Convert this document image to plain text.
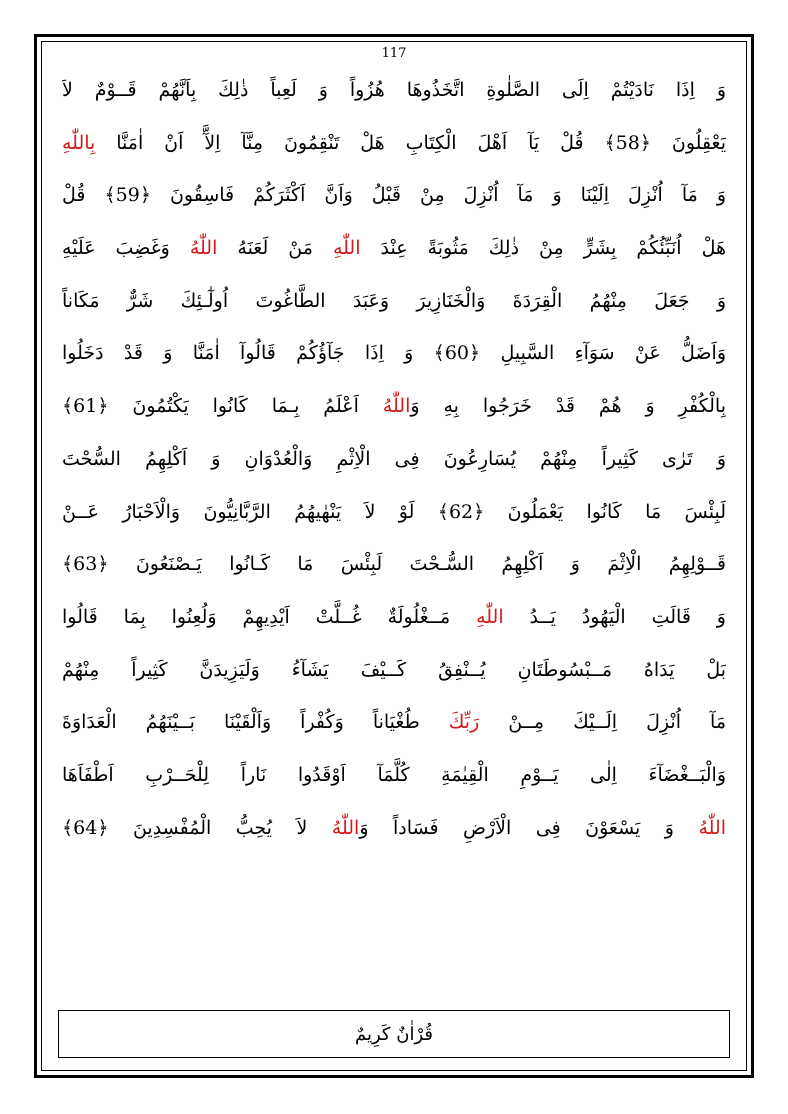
117
وَ اِذَا نَادَيْتُمْ اِلَى الصَّلٰوةِ اتَّخَذُوهَا هُزُواً وَ لَعِباً ذٰلِكَ بِاَنَّهُمْ قَــوْمٌ لاَ
يَعْقِلُونَ ﴿58﴾ قُلْ يَآ اَهْلَ الْكِتَابِ هَلْ تَنْقِمُونَ مِنَّآ اِلآَّ اَنْ اٰمَنَّا بِاللّٰهِ
وَ مَآ اُنْزِلَ اِلَيْنَا وَ مَآ اُنْزِلَ مِنْ قَبْلُ وَاَنَّ اَكْثَرَكُمْ فَاسِقُونَ ﴿59﴾ قُلْ
هَلْ اُنَبِّئُكُمْ بِشَرٍّ مِنْ ذٰلِكَ مَثُوبَةً عِنْدَ اللّٰهِ مَنْ لَعَنَهُ اللّٰهُ وَغَضِبَ عَلَيْهِ
وَ جَعَلَ مِنْهُمُ الْقِرَدَةَ وَالْخَنَازِيرَ وَعَبَدَ الطَّاغُوتَ اُولٰٓـئِكَ شَرٌّ مَكَاناً
وَاَضَلُّ عَنْ سَوَآءِ السَّبِيلِ ﴿60﴾ وَ اِذَا جَآؤُكُمْ قَالُوآ اٰمَنَّا وَ قَدْ دَخَلُوا
بِالْكُفْرِ وَ هُمْ قَدْ خَرَجُوا بِهِ وَاللّٰهُ اَعْلَمُ بِـمَا كَانُوا يَكْتُمُونَ ﴿61﴾
وَ تَرٰى كَثِيراً مِنْهُمْ يُسَارِعُونَ فِى الْاِثْمِ وَالْعُدْوَانِ وَ اَكْلِهِمُ السُّحْتَ
لَبِئْسَ مَا كَانُوا يَعْمَلُونَ ﴿62﴾ لَوْ لاَ يَنْهٰيهُمُ الرَّبَّانِيُّونَ وَالْاَحْبَارُ عَــنْ
قَــوْلِهِمُ الْاِثْمَ وَ اَكْلِهِمُ السُّـحْتَ لَبِئْسَ مَا كَـانُوا يَـصْنَعُونَ ﴿63﴾
وَ قَالَتِ الْيَهُودُ يَــدُ اللّٰهِ مَــغْلُولَةٌ غُــلَّتْ اَيْدِيهِمْ وَلُعِنُوا بِمَا قَالُوا
بَلْ يَدَاهُ مَــبْسُوطَتَانِ يُــنْفِقُ كَــيْفَ يَشَآءُ وَلَيَزِيدَنَّ كَثِيراً مِنْهُمْ
مَآ اُنْزِلَ اِلَــيْكَ مِــنْ رَبِّكَ طُغْيَاناً وَكُفْراً وَاَلْقَيْنَا بَــيْنَهُمُ الْعَدَاوَةَ
وَالْبَــغْضَآءَ اِلٰى يَــوْمِ الْقِيٰمَةِ كُلَّمَآ اَوْقَدُوا نَاراً لِلْحَــرْبِ اَطْفَاَهَا
اللّٰهُ وَ يَسْعَوْنَ فِى الْاَرْضِ فَسَاداً وَاللّٰهُ لاَ يُحِبُّ الْمُفْسِدِينَ ﴿64﴾
قُرْاٰنٌ كَرِيمٌ
